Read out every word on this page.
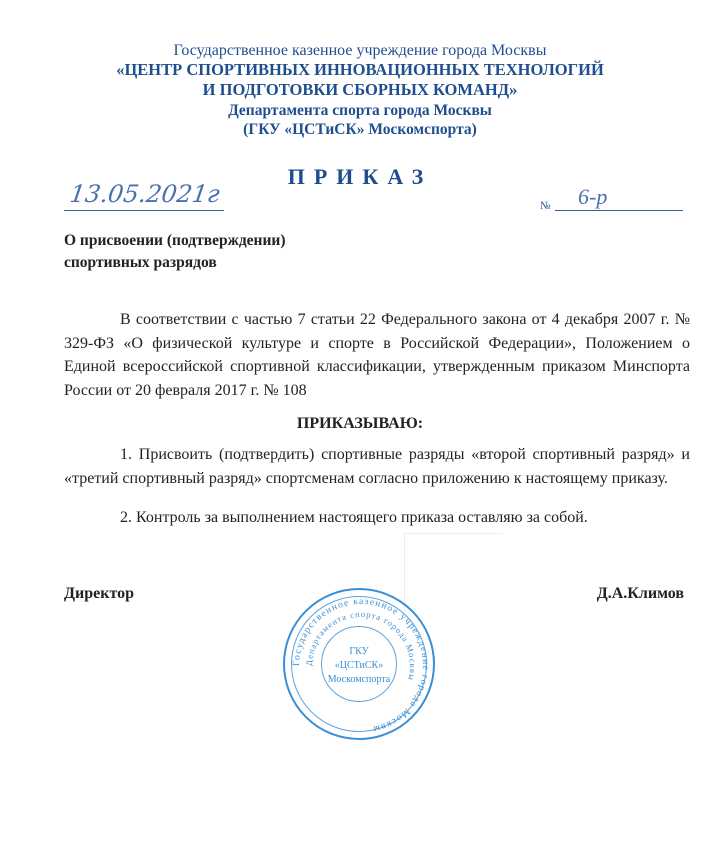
Государственное казенное учреждение города Москвы
«ЦЕНТР СПОРТИВНЫХ ИННОВАЦИОННЫХ ТЕХНОЛОГИЙ
И ПОДГОТОВКИ СБОРНЫХ КОМАНД»
Департамента спорта города Москвы
(ГКУ «ЦСТиСК» Москомспорта)
ПРИКАЗ
13.05.2021г	№ 6-р
О присвоении (подтверждении)
спортивных разрядов
В соответствии с частью 7 статьи 22 Федерального закона от 4 декабря 2007 г. № 329-ФЗ «О физической культуре и спорте в Российской Федерации», Положением о Единой всероссийской спортивной классификации, утвержденным приказом Минспорта России от 20 февраля 2017 г. № 108
ПРИКАЗЫВАЮ:
1. Присвоить (подтвердить) спортивные разряды «второй спортивный разряд» и «третий спортивный разряд» спортсменам согласно приложению к настоящему приказу.
2. Контроль за выполнением настоящего приказа оставляю за собой.
Директор	Д.А.Климов
Государственное казенное учреждение города Москвы
Департамента спорта города Москвы
ГКУ
«ЦСТиСК»
Москомспорта
